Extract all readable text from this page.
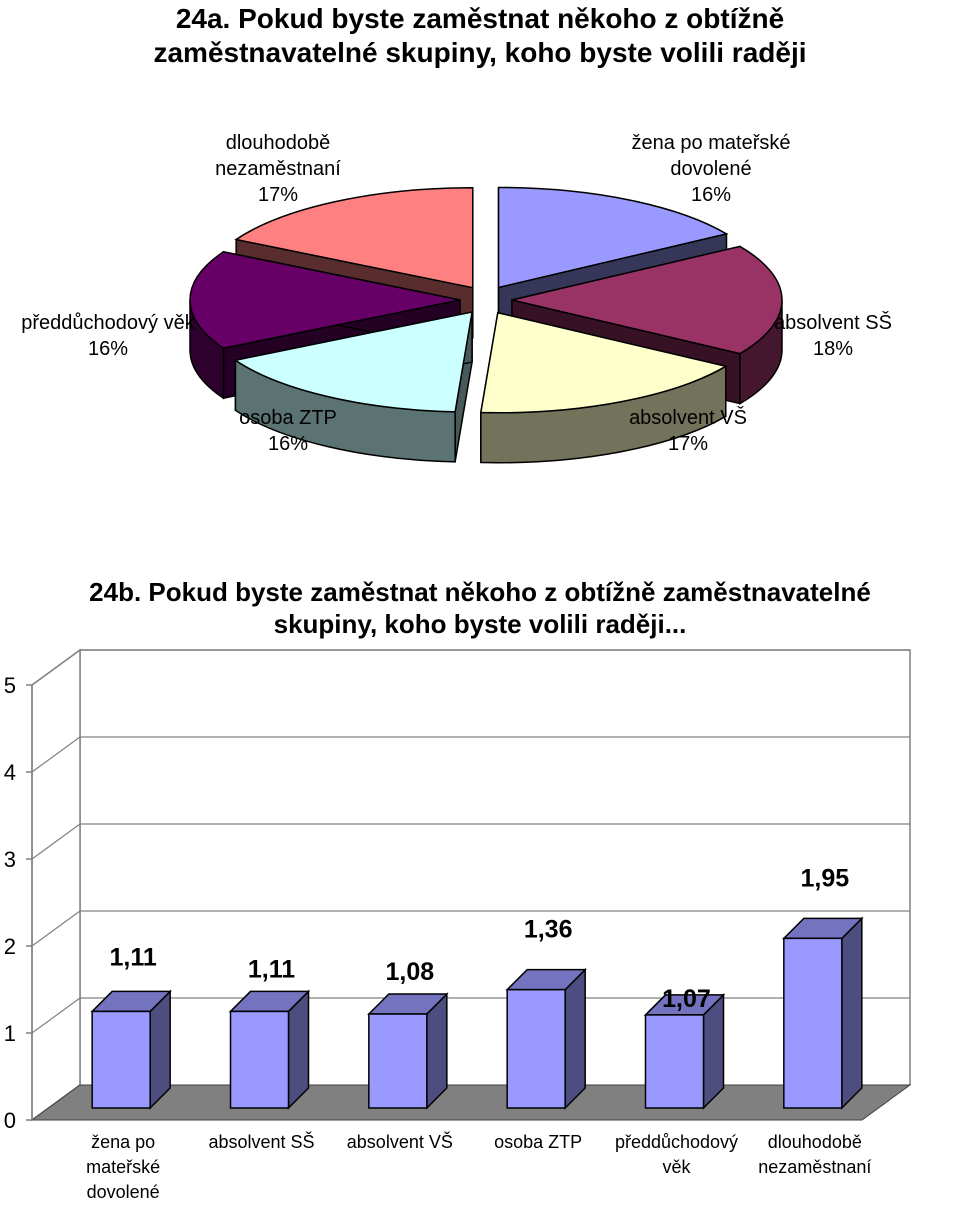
24a. Pokud byste zaměstnat někoho z obtížně
zaměstnavatelné skupiny, koho byste volili raději
0
1
2
3
4
5
1,11	1,11	1,08
1,36
1,07
1,95
žena po mateřské
dovolené
16%
absolvent SŠ
18%
absolvent VŠ
17%
osoba ZTP
16%
předdůchodový věk
16%
dlouhodobě
nezaměstnaní
17%
24b. Pokud byste zaměstnat někoho z obtížně zaměstnavatelné
skupiny, koho byste volili raději...
žena po
mateřské
dovolené
absolvent SŠ	absolvent VŠ	osoba ZTP	předdůchodový
věk
dlouhodobě
nezaměstnaní
